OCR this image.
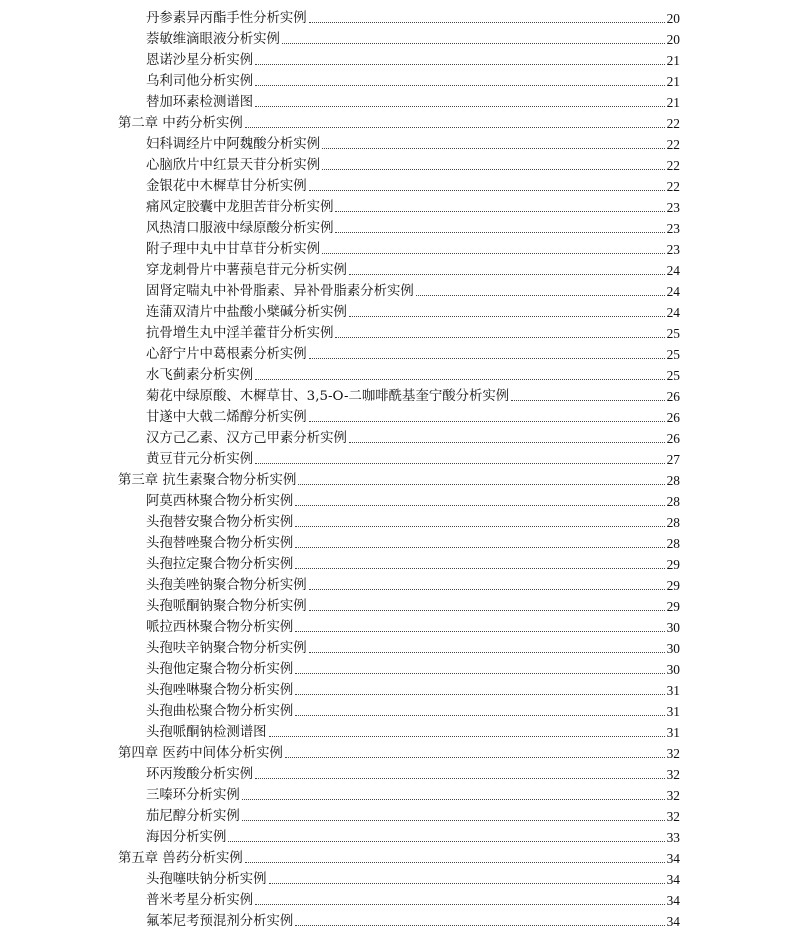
丹参素异丙酯手性分析实例	20
萘敏维滴眼液分析实例	20
恩诺沙星分析实例	21
乌利司他分析实例	21
替加环素检测谱图	21
第二章 中药分析实例	22
妇科调经片中阿魏酸分析实例	22
心脑欣片中红景天苷分析实例	22
金银花中木樨草甘分析实例	22
痛风定胶囊中龙胆苦苷分析实例	23
风热清口服液中绿原酸分析实例	23
附子理中丸中甘草苷分析实例	23
穿龙刺骨片中薯蓣皂苷元分析实例	24
固肾定喘丸中补骨脂素、异补骨脂素分析实例	24
连蒲双清片中盐酸小檗碱分析实例	24
抗骨增生丸中淫羊藿苷分析实例	25
心舒宁片中葛根素分析实例	25
水飞蓟素分析实例	25
菊花中绿原酸、木樨草甘、3,5-O-二咖啡酰基奎宁酸分析实例	26
甘遂中大戟二烯醇分析实例	26
汉方己乙素、汉方己甲素分析实例	26
黄豆苷元分析实例	27
第三章 抗生素聚合物分析实例	28
阿莫西林聚合物分析实例	28
头孢替安聚合物分析实例	28
头孢替唑聚合物分析实例	28
头孢拉定聚合物分析实例	29
头孢美唑钠聚合物分析实例	29
头孢哌酮钠聚合物分析实例	29
哌拉西林聚合物分析实例	30
头孢呋辛钠聚合物分析实例	30
头孢他定聚合物分析实例	30
头孢唑啉聚合物分析实例	31
头孢曲松聚合物分析实例	31
头孢哌酮钠检测谱图	31
第四章 医药中间体分析实例	32
环丙羧酸分析实例	32
三嗪环分析实例	32
茄尼醇分析实例	32
海因分析实例	33
第五章 兽药分析实例	34
头孢噻呋钠分析实例	34
普米考星分析实例	34
氟苯尼考预混剂分析实例	34
